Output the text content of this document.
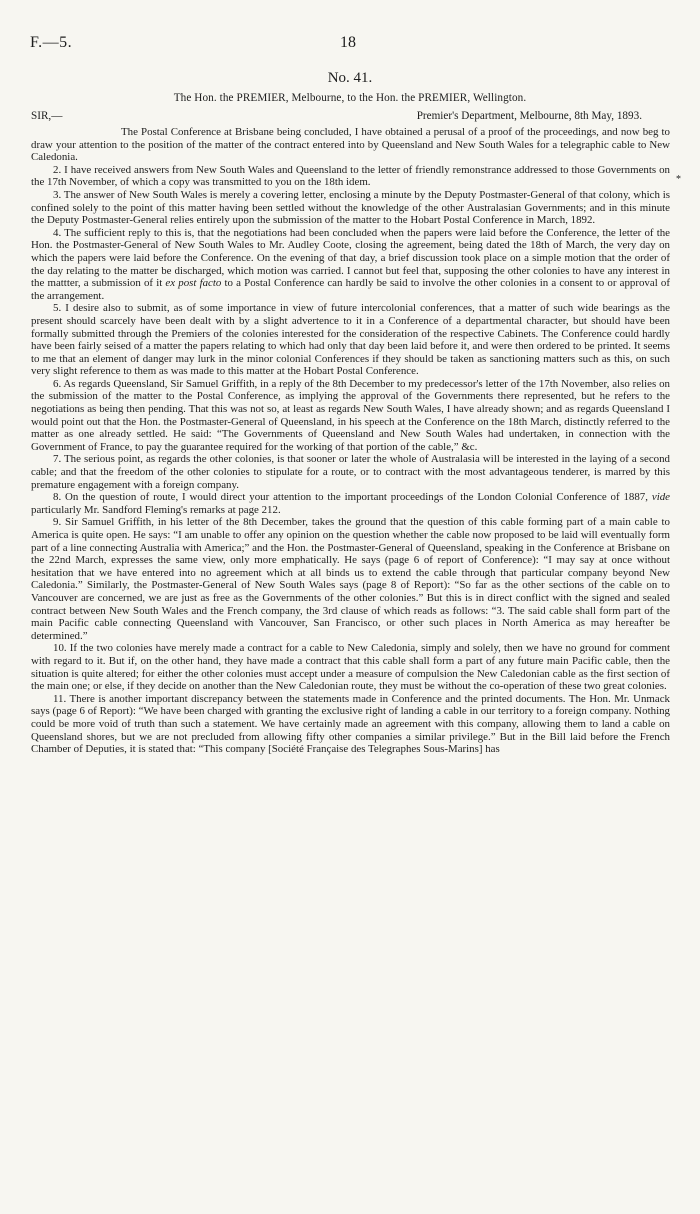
F.—5.	18
No. 41.
The Hon. the PREMIER, Melbourne, to the Hon. the PREMIER, Wellington.
SIR,—	Premier's Department, Melbourne, 8th May, 1893.
*

The Postal Conference at Brisbane being concluded, I have obtained a perusal of a proof of the proceedings, and now beg to draw your attention to the position of the matter of the contract entered into by Queensland and New South Wales for a telegraphic cable to New Caledonia.

2. I have received answers from New South Wales and Queensland to the letter of friendly remonstrance addressed to those Governments on the 17th November, of which a copy was transmitted to you on the 18th idem.

3. The answer of New South Wales is merely a covering letter, enclosing a minute by the Deputy Postmaster-General of that colony, which is confined solely to the point of this matter having been settled without the knowledge of the other Australasian Governments; and in this minute the Deputy Postmaster-General relies entirely upon the submission of the matter to the Hobart Postal Conference in March, 1892.

4. The sufficient reply to this is, that the negotiations had been concluded when the papers were laid before the Conference, the letter of the Hon. the Postmaster-General of New South Wales to Mr. Audley Coote, closing the agreement, being dated the 18th of March, the very day on which the papers were laid before the Conference. On the evening of that day, a brief discussion took place on a simple motion that the order of the day relating to the matter be discharged, which motion was carried. I cannot but feel that, supposing the other colonies to have any interest in the mattter, a submission of it ex post facto to a Postal Conference can hardly be said to involve the other colonies in a consent to or approval of the arrangement.

5. I desire also to submit, as of some importance in view of future intercolonial conferences, that a matter of such wide bearings as the present should scarcely have been dealt with by a slight advertence to it in a Conference of a departmental character, but should have been formally submitted through the Premiers of the colonies interested for the consideration of the respective Cabinets. The Conference could hardly have been fairly seised of a matter the papers relating to which had only that day been laid before it, and were then ordered to be printed. It seems to me that an element of danger may lurk in the minor colonial Conferences if they should be taken as sanctioning matters such as this, on such very slight reference to them as was made to this matter at the Hobart Postal Conference.

6. As regards Queensland, Sir Samuel Griffith, in a reply of the 8th December to my predecessor's letter of the 17th November, also relies on the submission of the matter to the Postal Conference, as implying the approval of the Governments there represented, but he refers to the negotiations as being then pending. That this was not so, at least as regards New South Wales, I have already shown; and as regards Queensland I would point out that the Hon. the Postmaster-General of Queensland, in his speech at the Conference on the 18th March, distinctly referred to the matter as one already settled. He said: “The Governments of Queensland and New South Wales had undertaken, in connection with the Government of France, to pay the guarantee required for the working of that portion of the cable,” &c.

7. The serious point, as regards the other colonies, is that sooner or later the whole of Australasia will be interested in the laying of a second cable; and that the freedom of the other colonies to stipulate for a route, or to contract with the most advantageous tenderer, is marred by this premature engagement with a foreign company.

8. On the question of route, I would direct your attention to the important proceedings of the London Colonial Conference of 1887, vide particularly Mr. Sandford Fleming's remarks at page 212.

9. Sir Samuel Griffith, in his letter of the 8th December, takes the ground that the question of this cable forming part of a main cable to America is quite open. He says: “I am unable to offer any opinion on the question whether the cable now proposed to be laid will eventually form part of a line connecting Australia with America;” and the Hon. the Postmaster-General of Queensland, speaking in the Conference at Brisbane on the 22nd March, expresses the same view, only more emphatically. He says (page 6 of report of Conference): “I may say at once without hesitation that we have entered into no agreement which at all binds us to extend the cable through that particular company beyond New Caledonia.” Similarly, the Postmaster-General of New South Wales says (page 8 of Report): “So far as the other sections of the cable on to Vancouver are concerned, we are just as free as the Governments of the other colonies.” But this is in direct conflict with the signed and sealed contract between New South Wales and the French company, the 3rd clause of which reads as follows: “3. The said cable shall form part of the main Pacific cable connecting Queensland with Vancouver, San Francisco, or other such places in North America as may hereafter be determined.”

10. If the two colonies have merely made a contract for a cable to New Caledonia, simply and solely, then we have no ground for comment with regard to it. But if, on the other hand, they have made a contract that this cable shall form a part of any future main Pacific cable, then the situation is quite altered; for either the other colonies must accept under a measure of compulsion the New Caledonian cable as the first section of the main one; or else, if they decide on another than the New Caledonian route, they must be without the co-operation of these two great colonies.

11. There is another important discrepancy between the statements made in Conference and the printed documents. The Hon. Mr. Unmack says (page 6 of Report): “We have been charged with granting the exclusive right of landing a cable in our territory to a foreign company. Nothing could be more void of truth than such a statement. We have certainly made an agreement with this company, allowing them to land a cable on Queensland shores, but we are not precluded from allowing fifty other companies a similar privilege.” But in the Bill laid before the French Chamber of Deputies, it is stated that: “This company [Société Française des Telegraphes Sous-Marins] has
